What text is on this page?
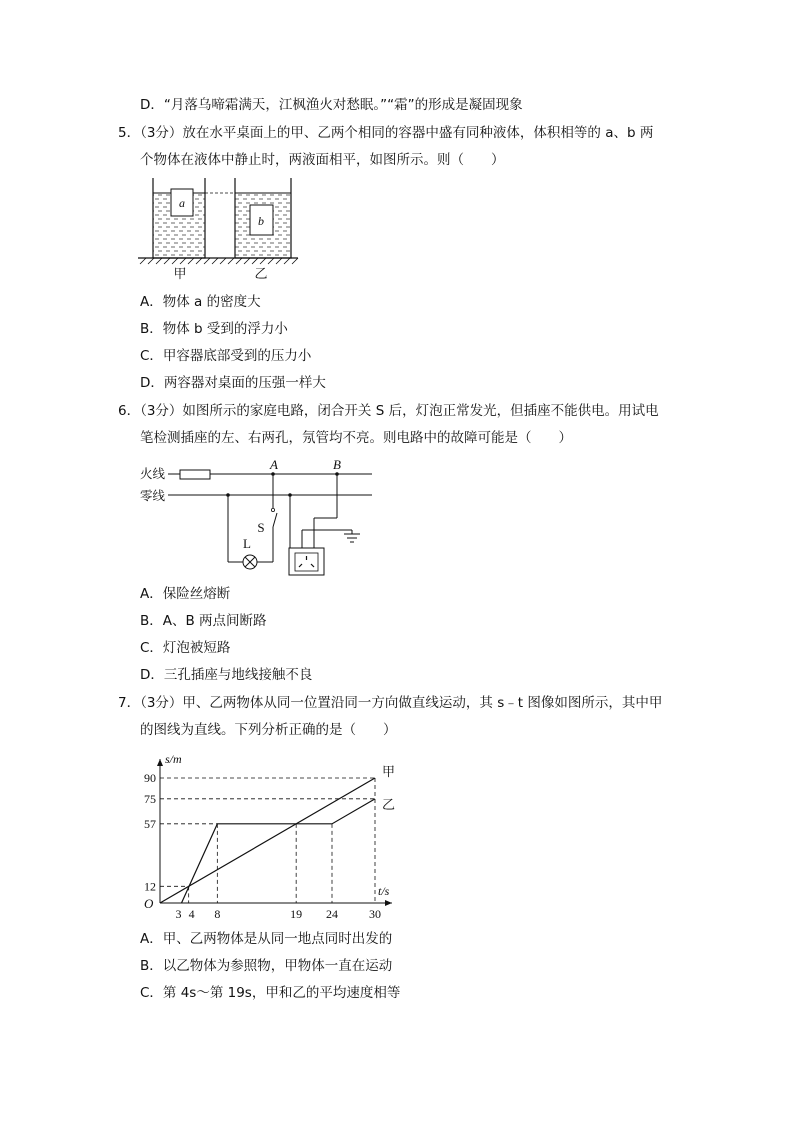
D．“月落乌啼霜满天，江枫渔火对愁眠。”“霜”的形成是凝固现象
5．（3分）放在水平桌面上的甲、乙两个相同的容器中盛有同种液体，体积相等的 a、b 两
个物体在液体中静止时，两液面相平，如图所示。则（　　）
a
b
甲	乙
A．物体 a 的密度大
B．物体 b 受到的浮力小
C．甲容器底部受到的压力小
D．两容器对桌面的压强一样大
6．（3分）如图所示的家庭电路，闭合开关 S 后，灯泡正常发光，但插座不能供电。用试电
笔检测插座的左、右两孔，氖管均不亮。则电路中的故障可能是（　　）
火线
零线
A	B
S
L
A．保险丝熔断
B．A、B 两点间断路
C．灯泡被短路
D．三孔插座与地线接触不良
7．（3分）甲、乙两物体从同一位置沿同一方向做直线运动，其 s﹣t 图像如图所示，其中甲
的图线为直线。下列分析正确的是（　　）
s/m
t/s
O
甲
乙
3 4 8	19 24	30
12
57
75
90
A．甲、乙两物体是从同一地点同时出发的
B．以乙物体为参照物，甲物体一直在运动
C．第 4s～第 19s，甲和乙的平均速度相等
